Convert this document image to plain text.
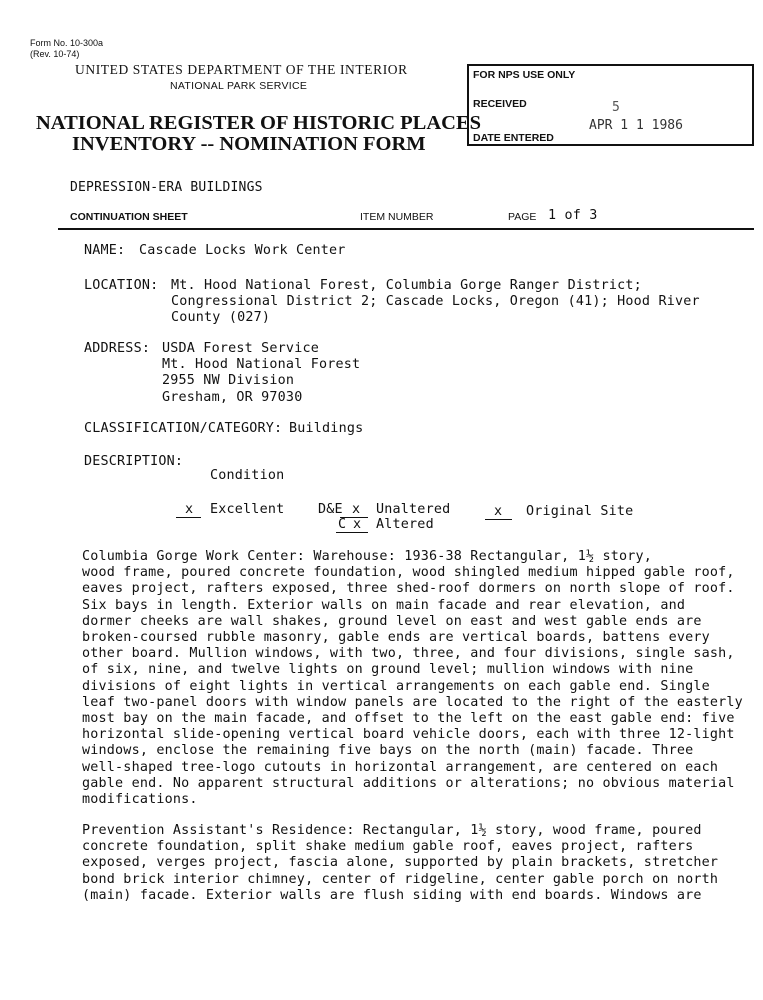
Form No. 10-300a
(Rev. 10-74)
UNITED STATES DEPARTMENT OF THE INTERIOR
NATIONAL PARK SERVICE
NATIONAL REGISTER OF HISTORIC PLACES
INVENTORY -- NOMINATION FORM
FOR NPS USE ONLY
RECEIVED	5
APR 1 1 1986
DATE ENTERED
DEPRESSION-ERA BUILDINGS
CONTINUATION SHEET	ITEM NUMBER	PAGE 1 of 3
NAME: Cascade Locks Work Center
LOCATION: Mt. Hood National Forest, Columbia Gorge Ranger District;

Congressional District 2; Cascade Locks, Oregon (41); Hood River

County (027)

ADDRESS: USDA Forest Service

Mt. Hood National Forest

2955 NW Division

Gresham, OR 97030

CLASSIFICATION/CATEGORY: Buildings
DESCRIPTION:
Condition
x Excellent	D&E x Unaltered
C x Altered
x Original Site

Columbia Gorge Work Center: Warehouse: 1936-38 Rectangular, 1½ story,

wood frame, poured concrete foundation, wood shingled medium hipped gable roof,

eaves project, rafters exposed, three shed-roof dormers on north slope of roof.

Six bays in length. Exterior walls on main facade and rear elevation, and

dormer cheeks are wall shakes, ground level on east and west gable ends are

broken-coursed rubble masonry, gable ends are vertical boards, battens every

other board. Mullion windows, with two, three, and four divisions, single sash,

of six, nine, and twelve lights on ground level; mullion windows with nine

divisions of eight lights in vertical arrangements on each gable end. Single

leaf two-panel doors with window panels are located to the right of the easterly

most bay on the main facade, and offset to the left on the east gable end: five

horizontal slide-opening vertical board vehicle doors, each with three 12-light

windows, enclose the remaining five bays on the north (main) facade. Three

well-shaped tree-logo cutouts in horizontal arrangement, are centered on each

gable end. No apparent structural additions or alterations; no obvious material

modifications.

Prevention Assistant's Residence: Rectangular, 1½ story, wood frame, poured

concrete foundation, split shake medium gable roof, eaves project, rafters

exposed, verges project, fascia alone, supported by plain brackets, stretcher

bond brick interior chimney, center of ridgeline, center gable porch on north

(main) facade. Exterior walls are flush siding with end boards. Windows are
